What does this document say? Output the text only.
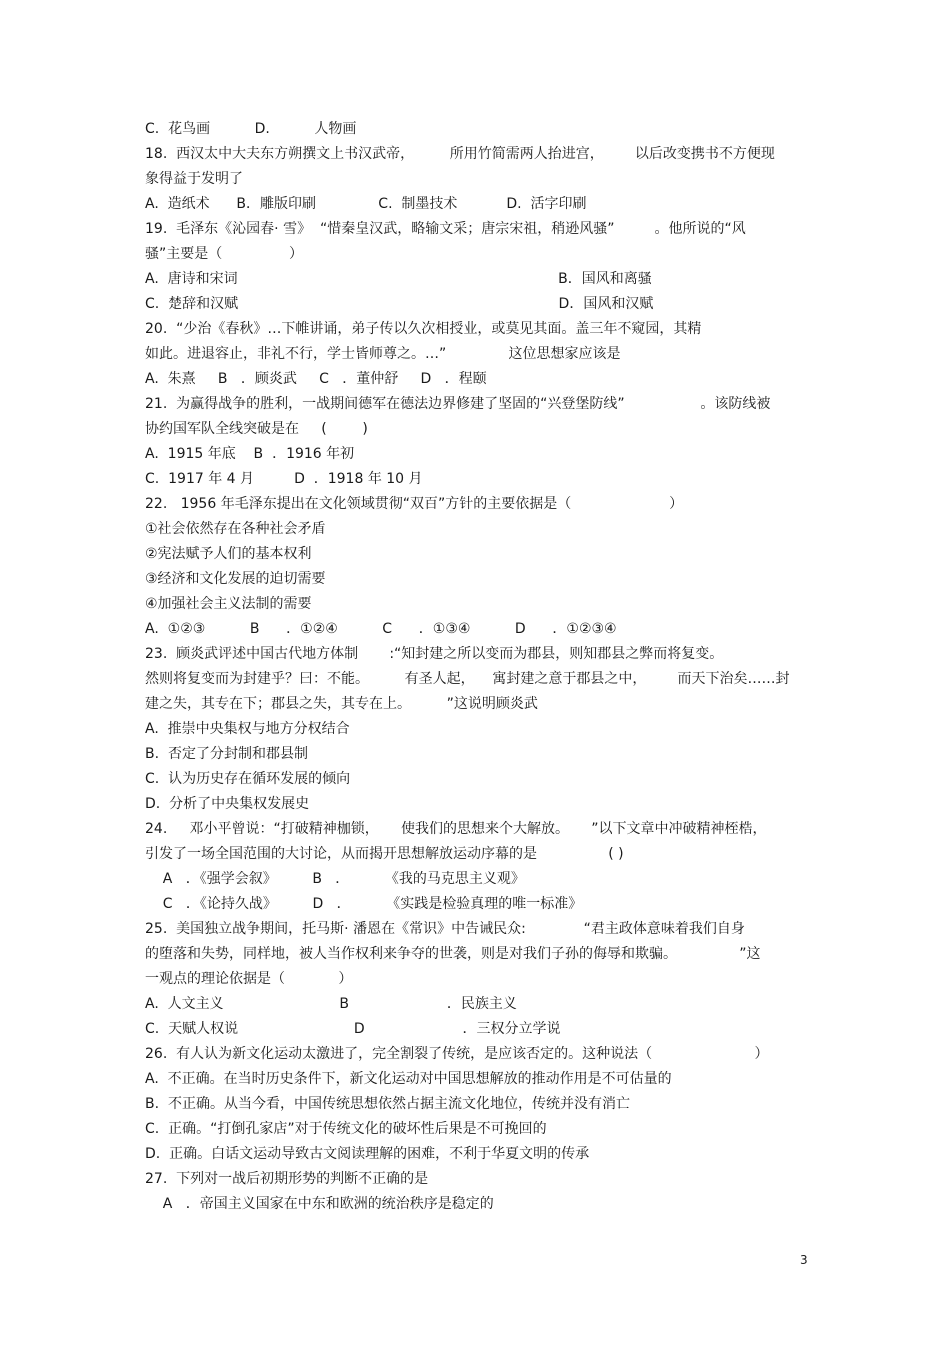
C.  花鸟画          D.          人物画
18.  西汉太中大夫东方朔撰文上书汉武帝，        所用竹简需两人抬进宫，       以后改变携书不方便现
象得益于发明了
A.  造纸术      B．雕版印刷              C.  制墨技术           D.  活字印刷
19.  毛泽东《沁园春· 雪》  “惜秦皇汉武，略输文采；唐宗宋祖，稍逊风骚”         。他所说的“风
骚”主要是（               ）
A.  唐诗和宋词                                                                        B．国风和离骚
C.  楚辞和汉赋                                                                        D．国风和汉赋
20.  “少治《春秋》…下帷讲诵，弟子传以久次相授业，或莫见其面。盖三年不窥园，其精
如此。进退容止，非礼不行，学士皆师尊之。…”              这位思想家应该是
A.  朱熹     B   ．顾炎武     C   ．董仲舒     D   ．程颐
21.  为赢得战争的胜利，一战期间德军在德法边界修建了坚固的“兴登堡防线”                 。该防线被
协约国军队全线突破是在     (        )
A.  1915 年底    B  ．1916 年初
C.  1917 年 4 月         D  ．1918 年 10 月
22.   1956 年毛泽东提出在文化领域贯彻“双百”方针的主要依据是（                      ）
①社会依然存在各种社会矛盾
②宪法赋予人们的基本权利
③经济和文化发展的迫切需要
④加强社会主义法制的需要
A.  ①②③          B      ．①②④          C      ．①③④          D      ．①②③④
23.  顾炎武评述中国古代地方体制       :“知封建之所以变而为郡县，则知郡县之弊而将复变。
然则将复变而为封建乎？曰：不能。        有圣人起，    寓封建之意于郡县之中，       而天下治矣……封
建之失，其专在下；郡县之失，其专在上。        ”这说明顾炎武
A.  推崇中央集权与地方分权结合
B.  否定了分封制和郡县制
C.  认为历史存在循环发展的倾向
D.  分析了中央集权发展史
24.     邓小平曾说：“打破精神枷锁，     使我们的思想来个大解放。     ”以下文章中冲破精神桎梏，
引发了一场全国范围的大讨论，从而揭开思想解放运动序幕的是                ( )
A   ．《强学会叙》        B   ．        《我的马克思主义观》
C   ．《论持久战》        D   ．        《实践是检验真理的唯一标准》
25.  美国独立战争期间，托马斯· 潘恩在《常识》中告诫民众:             “君主政体意味着我们自身
的堕落和失势，同样地，被人当作权利来争夺的世袭，则是对我们子孙的侮辱和欺骗。              ”这
一观点的理论依据是（            ）
A.  人文主义                          B                      ．民族主义
C.  天赋人权说                          D                      ．三权分立学说
26.  有人认为新文化运动太激进了，完全割裂了传统，是应该否定的。这种说法（                       ）
A.  不正确。在当时历史条件下，新文化运动对中国思想解放的推动作用是不可估量的
B.  不正确。从当今看，中国传统思想依然占据主流文化地位，传统并没有消亡
C.  正确。“打倒孔家店”对于传统文化的破坏性后果是不可挽回的
D.  正确。白话文运动导致古文阅读理解的困难，不利于华夏文明的传承
27.  下列对一战后初期形势的判断不正确的是
A   ．帝国主义国家在中东和欧洲的统治秩序是稳定的
3
